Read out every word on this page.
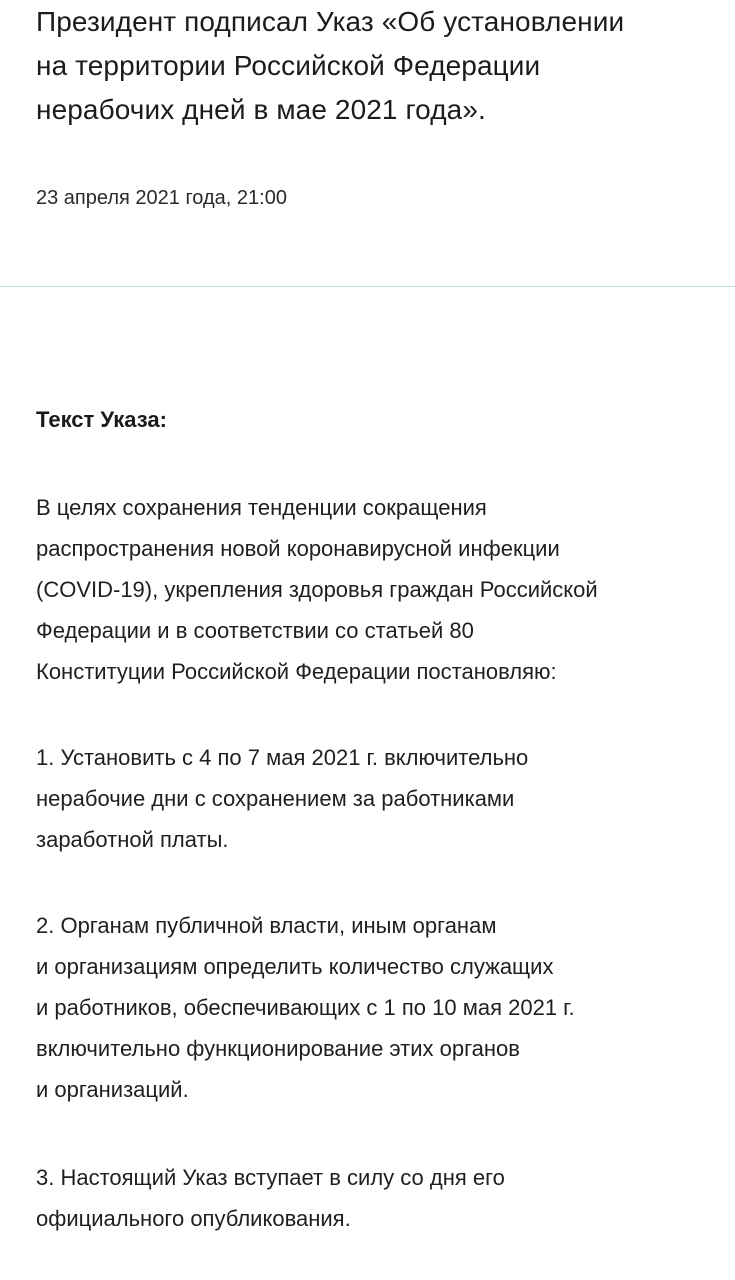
Президент подписал Указ «Об установлении
на территории Российской Федерации
нерабочих дней в мае 2021 года».
23 апреля 2021 года, 21:00
Текст Указа:
В целях сохранения тенденции сокращения
распространения новой коронавирусной инфекции
(COVID-19), укрепления здоровья граждан Российской
Федерации и в соответствии со статьей 80
Конституции Российской Федерации постановляю:
1. Установить с 4 по 7 мая 2021 г. включительно
нерабочие дни с сохранением за работниками
заработной платы.
2. Органам публичной власти, иным органам
и организациям определить количество служащих
и работников, обеспечивающих с 1 по 10 мая 2021 г.
включительно функционирование этих органов
и организаций.
3. Настоящий Указ вступает в силу со дня его
официального опубликования.
